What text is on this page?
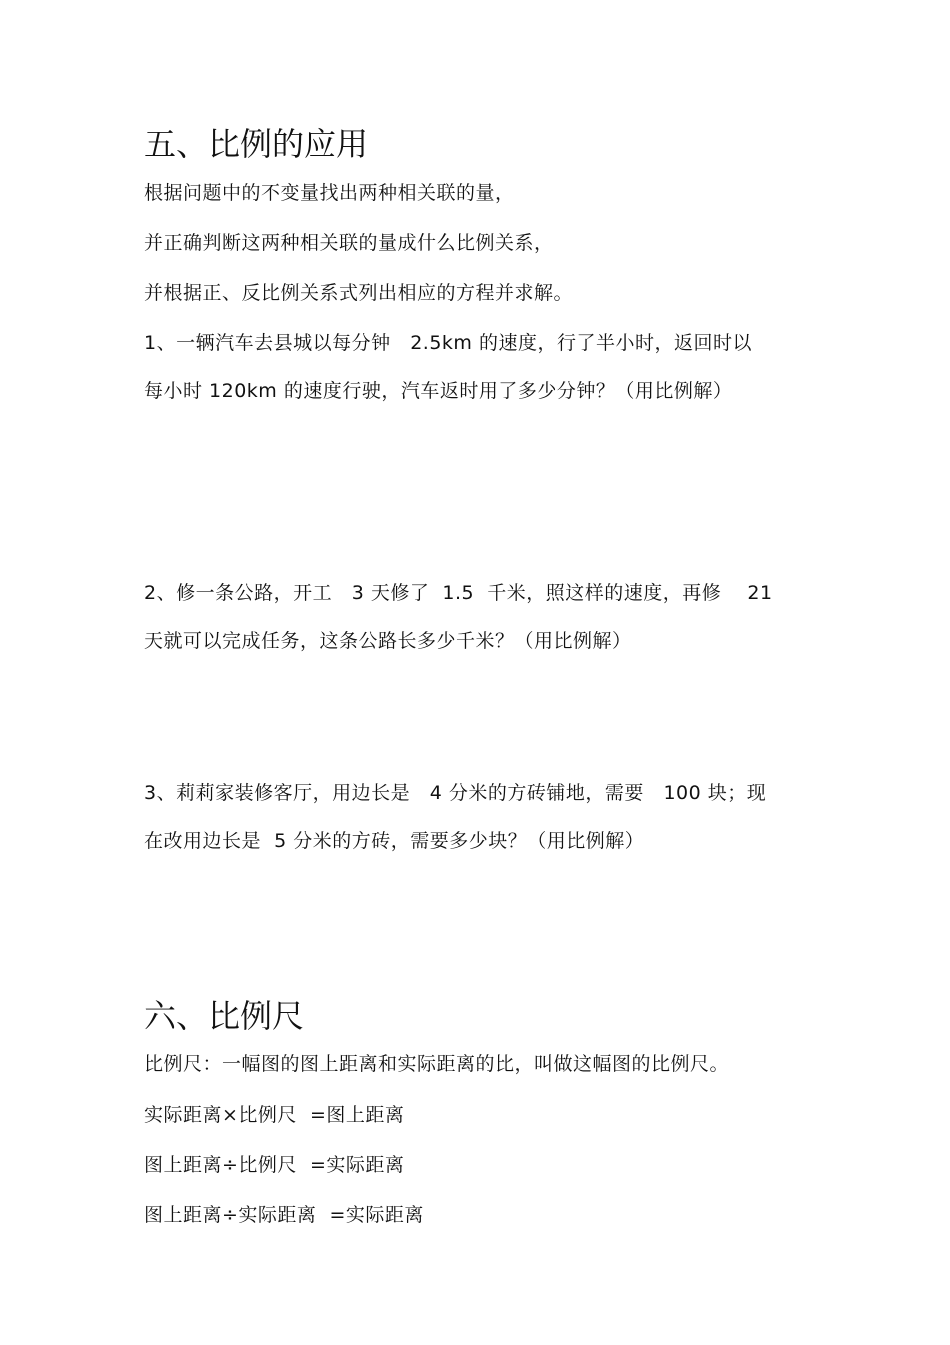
五、比例的应用
根据问题中的不变量找出两种相关联的量，
并正确判断这两种相关联的量成什么比例关系，
并根据正、反比例关系式列出相应的方程并求解。
1、一辆汽车去县城以每分钟   2.5km 的速度，行了半小时，返回时以
每小时 120km 的速度行驶，汽车返时用了多少分钟？（用比例解）
2、修一条公路，开工   3 天修了  1.5  千米，照这样的速度，再修    21
天就可以完成任务，这条公路长多少千米？（用比例解）
3、莉莉家装修客厅，用边长是   4 分米的方砖铺地，需要   100 块；现
在改用边长是  5 分米的方砖，需要多少块？（用比例解）
六、比例尺
比例尺：一幅图的图上距离和实际距离的比，叫做这幅图的比例尺。
实际距离×比例尺  =图上距离
图上距离÷比例尺  =实际距离
图上距离÷实际距离  =实际距离
